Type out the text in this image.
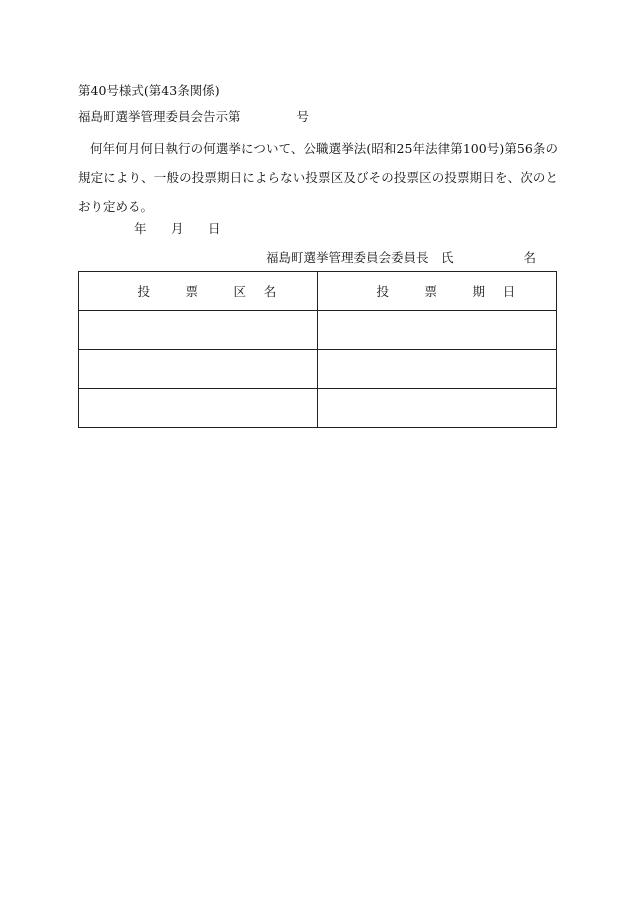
第40号様式(第43条関係)
福島町選挙管理委員会告示第	号
何年何月何日執行の何選挙について、公職選挙法(昭和25年法律第100号)第56条の規定により、一般の投票期日によらない投票区及びその投票区の投票期日を、次のとおり定める。
年 月 日
福島町選挙管理委員会委員長　氏	名
投 票 区 名	投 票 期 日
